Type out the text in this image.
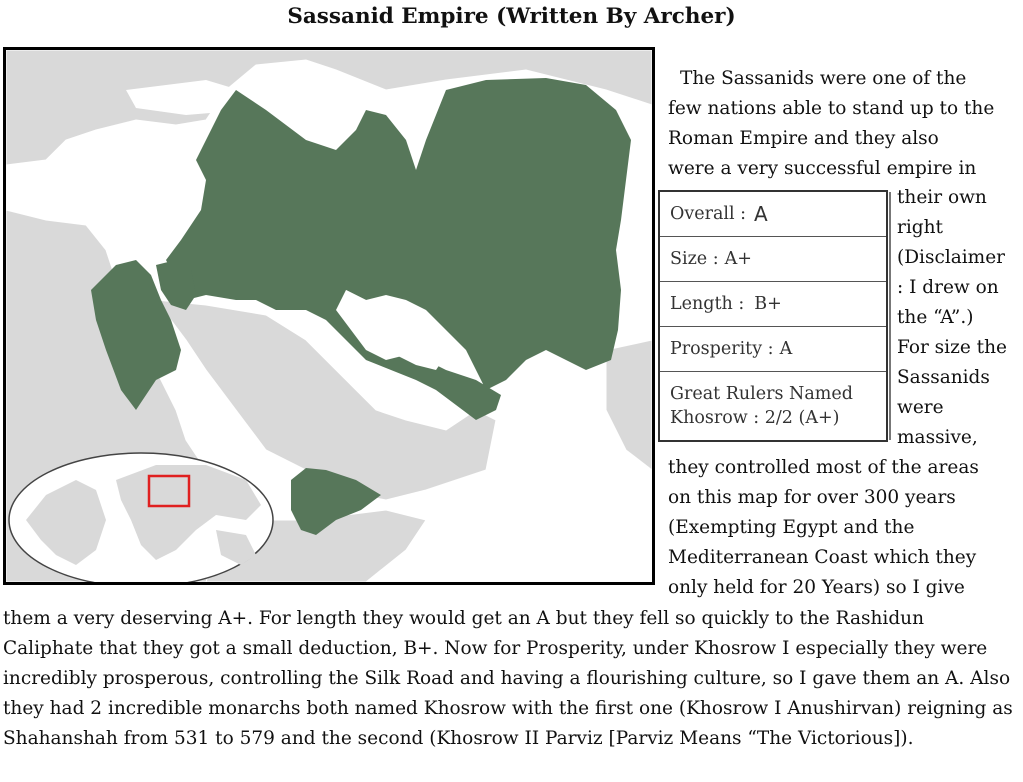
Sassanid Empire (Written By Archer)
The Sassanids were one of the
few nations able to stand up to the
Roman Empire and they also
were a very successful empire in
Overall : A
Size : A+
Length : B+
Prosperity : A
Great Rulers Named
Khosrow : 2/2 (A+)
their own
right
(Disclaimer
: I drew on
the “A”.)
For size the
Sassanids
were
massive,
they controlled most of the areas
on this map for over 300 years
(Exempting Egypt and the
Mediterranean Coast which they
only held for 20 Years) so I give
them a very deserving A+. For length they would get an A but they fell so quickly to the Rashidun Caliphate that they got a small deduction, B+. Now for Prosperity, under Khosrow I especially they were incredibly prosperous, controlling the Silk Road and having a flourishing culture, so I gave them an A. Also they had 2 incredible monarchs both named Khosrow with the first one (Khosrow I Anushirvan) reigning as Shahanshah from 531 to 579 and the second (Khosrow II Parviz [Parviz Means “The Victorious]).
